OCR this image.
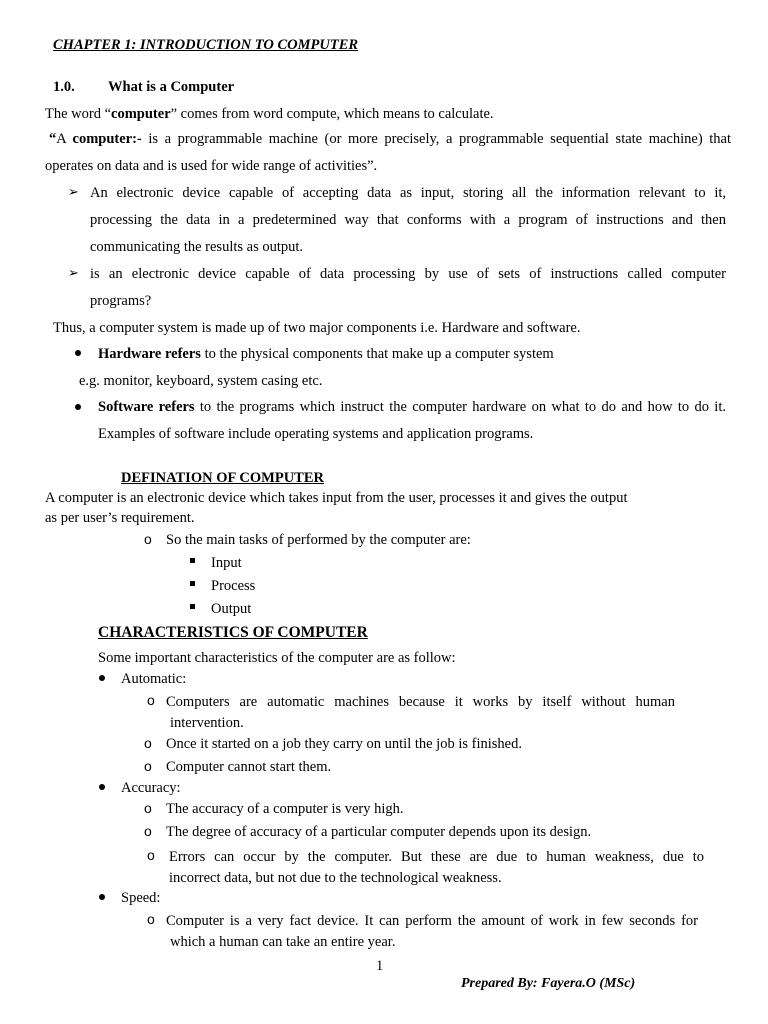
CHAPTER 1: INTRODUCTION TO COMPUTER
1.0. What is a Computer
The word “computer” comes from word compute, which means to calculate.
“A computer:- is a programmable machine (or more precisely, a programmable sequential state machine) that
operates on data and is used for wide range of activities”.
➢ An electronic device capable of accepting data as input, storing all the information relevant to it,
processing the data in a predetermined way that conforms with a program of instructions and then
communicating the results as output.
➢ is an electronic device capable of data processing by use of sets of instructions called computer
programs?
Thus, a computer system is made up of two major components i.e. Hardware and software.
Hardware refers to the physical components that make up a computer system
e.g. monitor, keyboard, system casing etc.
Software refers to the programs which instruct the computer hardware on what to do and how to do it.
Examples of software include operating systems and application programs.
DEFINATION OF COMPUTER
A computer is an electronic device which takes input from the user, processes it and gives the output
as per user’s requirement.
o So the main tasks of performed by the computer are:
Input
Process
Output
CHARACTERISTICS OF COMPUTER
Some important characteristics of the computer are as follow:
Automatic:
o Computers are automatic machines because it works by itself without human
intervention.
o Once it started on a job they carry on until the job is finished.
o Computer cannot start them.
Accuracy:
o The accuracy of a computer is very high.
o The degree of accuracy of a particular computer depends upon its design.
o Errors can occur by the computer. But these are due to human weakness, due to
incorrect data, but not due to the technological weakness.
Speed:
o Computer is a very fact device. It can perform the amount of work in few seconds for
which a human can take an entire year.
1
Prepared By: Fayera.O (MSc)
